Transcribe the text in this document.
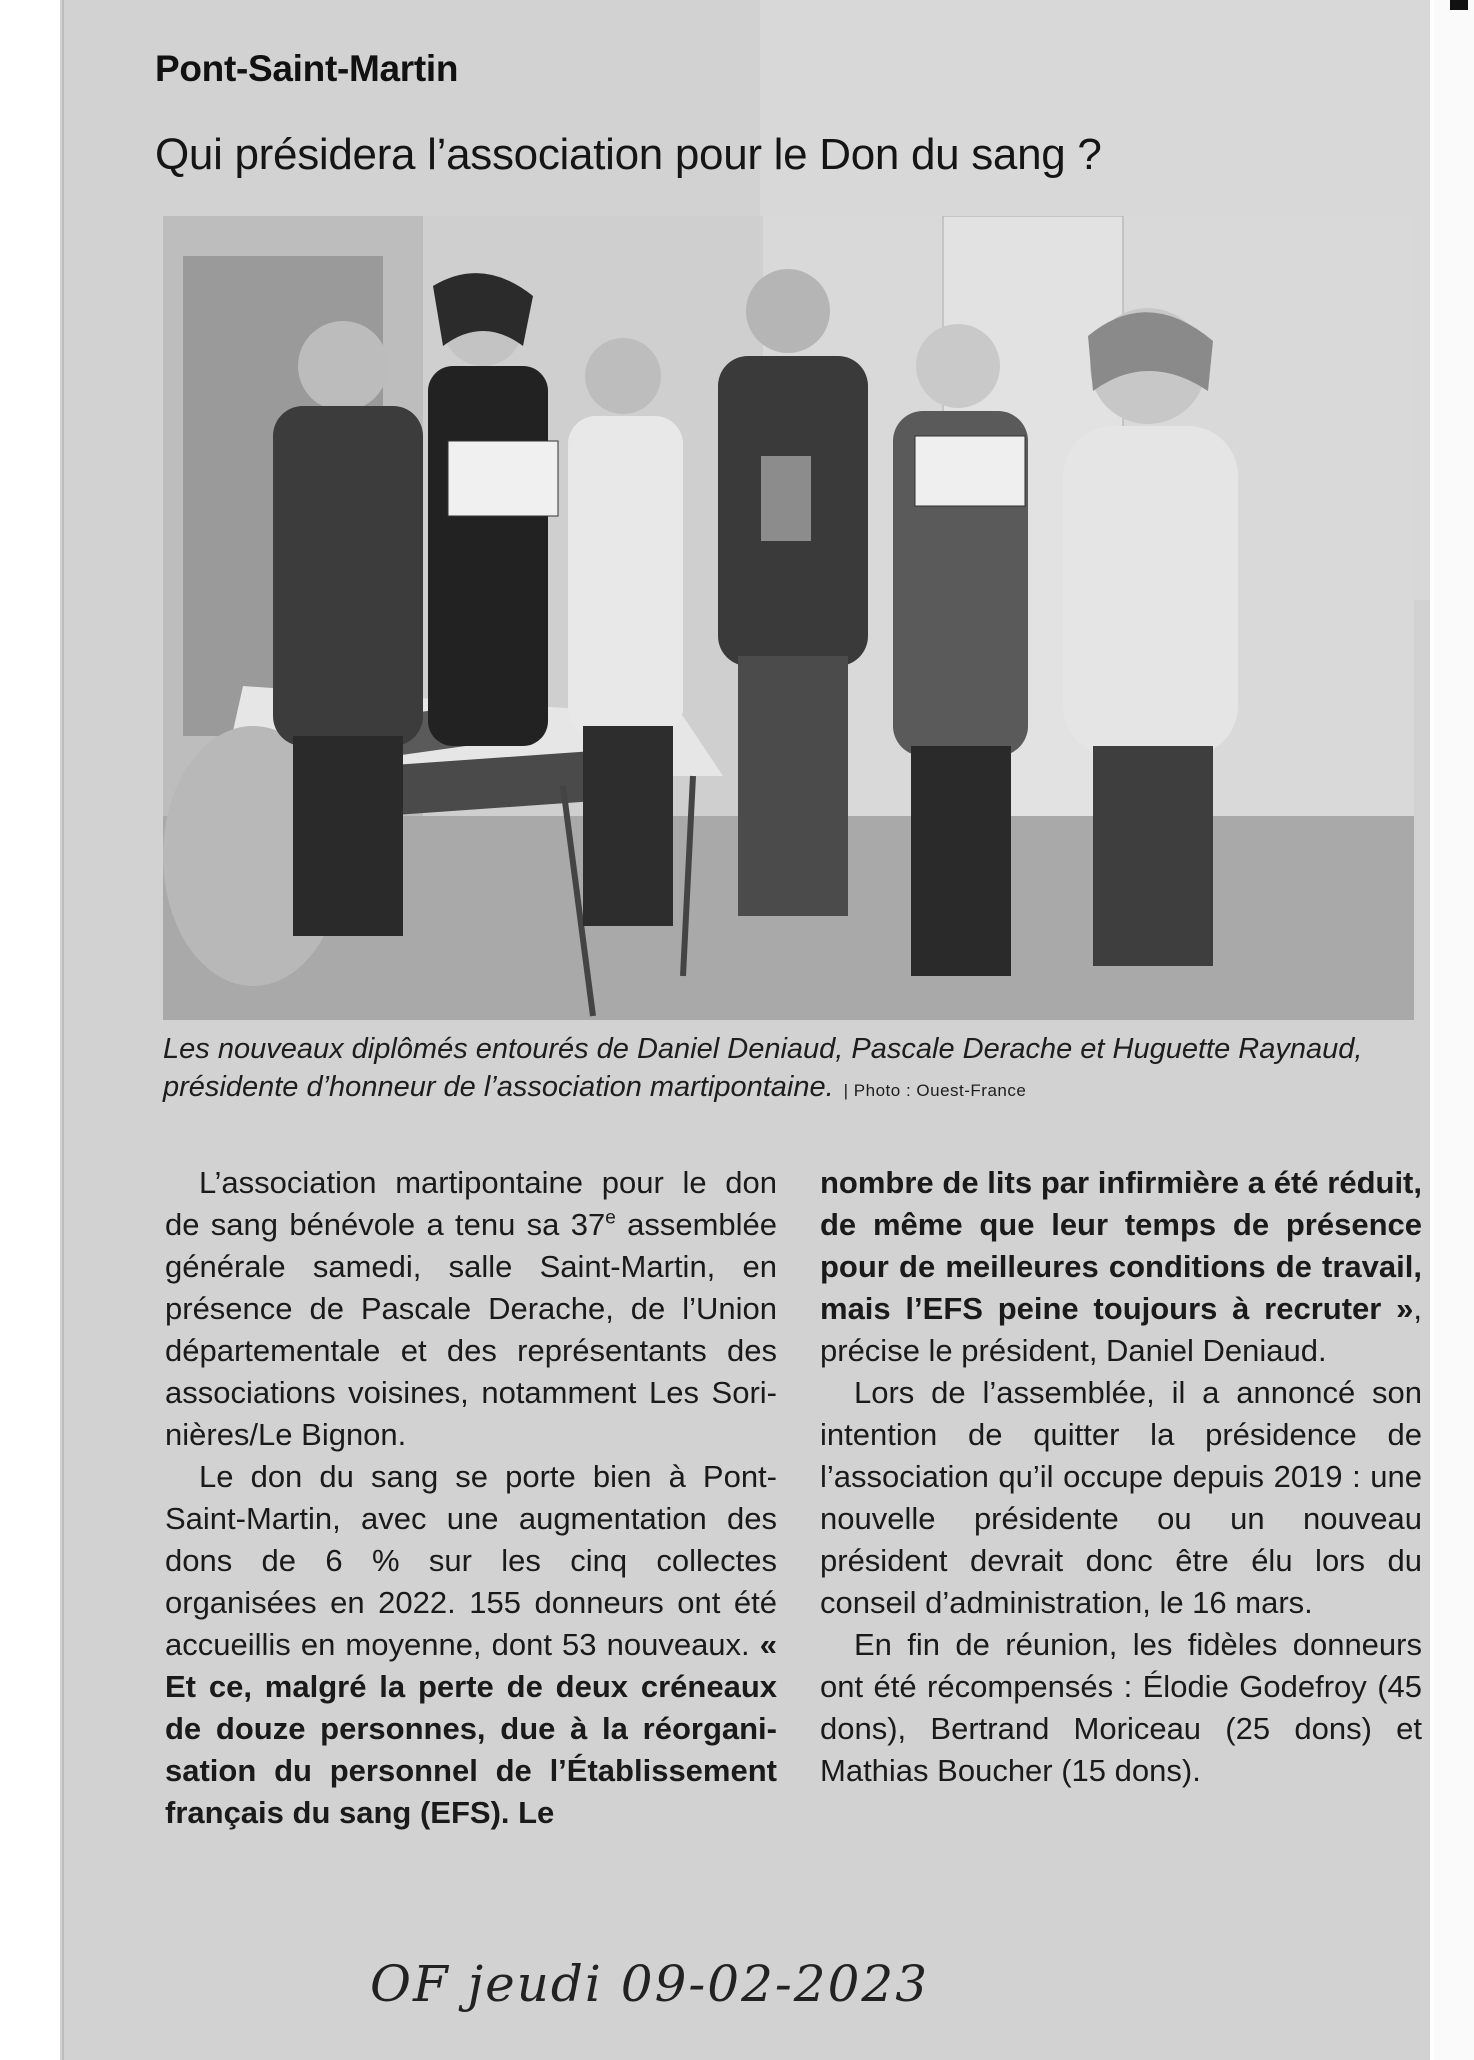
Pont-Saint-Martin
Qui présidera l’association pour le Don du sang ?
Les nouveaux diplômés entourés de Daniel Deniaud, Pascale Derache et Huguette Raynaud, présidente d’honneur de l’association martipontaine. | Photo : Ouest-France

L’association martipontaine pour le don de sang bénévole a tenu sa 37e assemblée générale samedi, salle Saint-Martin, en présence de Pascale Derache, de l’Union départementale et des représentants des associations voisines, notamment Les Sorinières/Le Bignon.

Le don du sang se porte bien à Pont-Saint-Martin, avec une augmentation des dons de 6 % sur les cinq collectes organisées en 2022. 155 donneurs ont été accueillis en moyenne, dont 53 nouveaux. « Et ce, malgré la perte de deux créneaux de douze personnes, due à la réorganisation du personnel de l’Établissement français du sang (EFS). Le

nombre de lits par infirmière a été réduit, de même que leur temps de présence pour de meilleures conditions de travail, mais l’EFS peine toujours à recruter », précise le président, Daniel Deniaud.

Lors de l’assemblée, il a annoncé son intention de quitter la présidence de l’association qu’il occupe depuis 2019 : une nouvelle présidente ou un nouveau président devrait donc être élu lors du conseil d’administration, le 16 mars.

En fin de réunion, les fidèles donneurs ont été récompensés : Élodie Godefroy (45 dons), Bertrand Moriceau (25 dons) et Mathias Boucher (15 dons).

OF jeudi 09-02-2023
